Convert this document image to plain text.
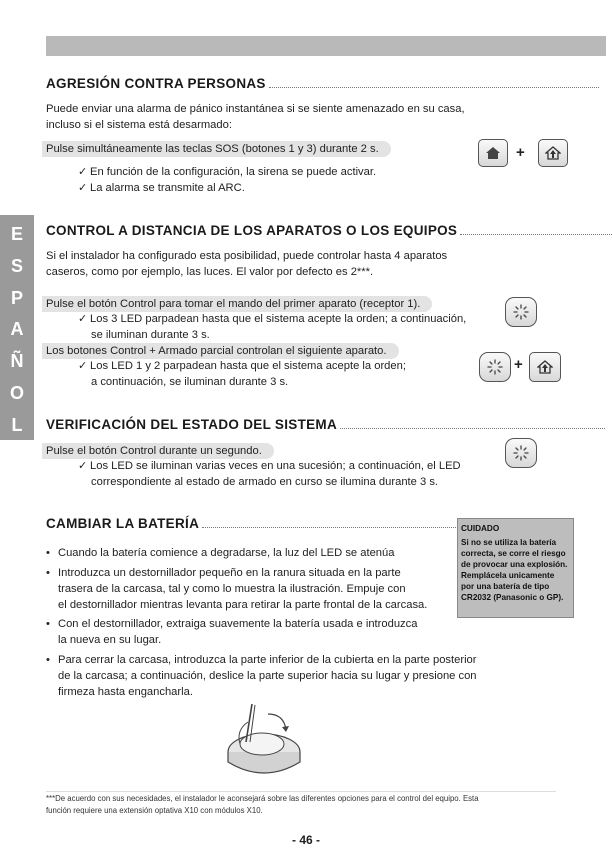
E
S
P
A
Ñ
O
L
AGRESIÓN CONTRA PERSONAS
Puede enviar una alarma de pánico instantánea si se siente amenazado en su casa,
incluso si el sistema está desarmado:
Pulse simultáneamente las teclas SOS (botones 1 y 3) durante 2 s.
✓ En función de la configuración, la sirena se puede activar.
✓ La alarma se transmite al ARC.
+
CONTROL A DISTANCIA DE LOS APARATOS O LOS EQUIPOS
Si el instalador ha configurado esta posibilidad, puede controlar hasta 4 aparatos
caseros, como por ejemplo, las luces. El valor por defecto es 2***.
Pulse el botón Control para tomar el mando del primer aparato (receptor 1).
✓ Los 3 LED parpadean hasta que el sistema acepte la orden; a continuación,
se iluminan durante 3 s.
Los botones Control + Armado parcial controlan el siguiente aparato.
✓ Los LED 1 y 2 parpadean hasta que el sistema acepte la orden;
a continuación, se iluminan durante 3 s.
+
VERIFICACIÓN DEL ESTADO DEL SISTEMA
Pulse el botón Control durante un segundo.
✓ Los LED se iluminan varias veces en una sucesión; a continuación, el LED
correspondiente al estado de armado en curso se ilumina durante 3 s.
CAMBIAR LA BATERÍA
• Cuando la batería comience a degradarse, la luz del LED se atenúa
• Introduzca un destornillador pequeño en la ranura situada en la parte
trasera de la carcasa, tal y como lo muestra la ilustración. Empuje con
el destornillador mientras levanta para retirar la parte frontal de la carcasa.
• Con el destornillador, extraiga suavemente la batería usada e introduzca
la nueva en su lugar.
• Para cerrar la carcasa, introduzca la parte inferior de la cubierta en la parte posterior
de la carcasa; a continuación, deslice la parte superior hacia su lugar y presione con
firmeza hasta engancharla.
CUIDADO
Si no se utiliza la batería
correcta, se corre el riesgo
de provocar una explosión.
Remplácela unicamente
por una batería de tipo
CR2032 (Panasonic o GP).
***De acuerdo con sus necesidades, el instalador le aconsejará sobre las diferentes opciones para el control del equipo. Esta
función requiere una extensión optativa X10 con módulos X10.
- 46 -
